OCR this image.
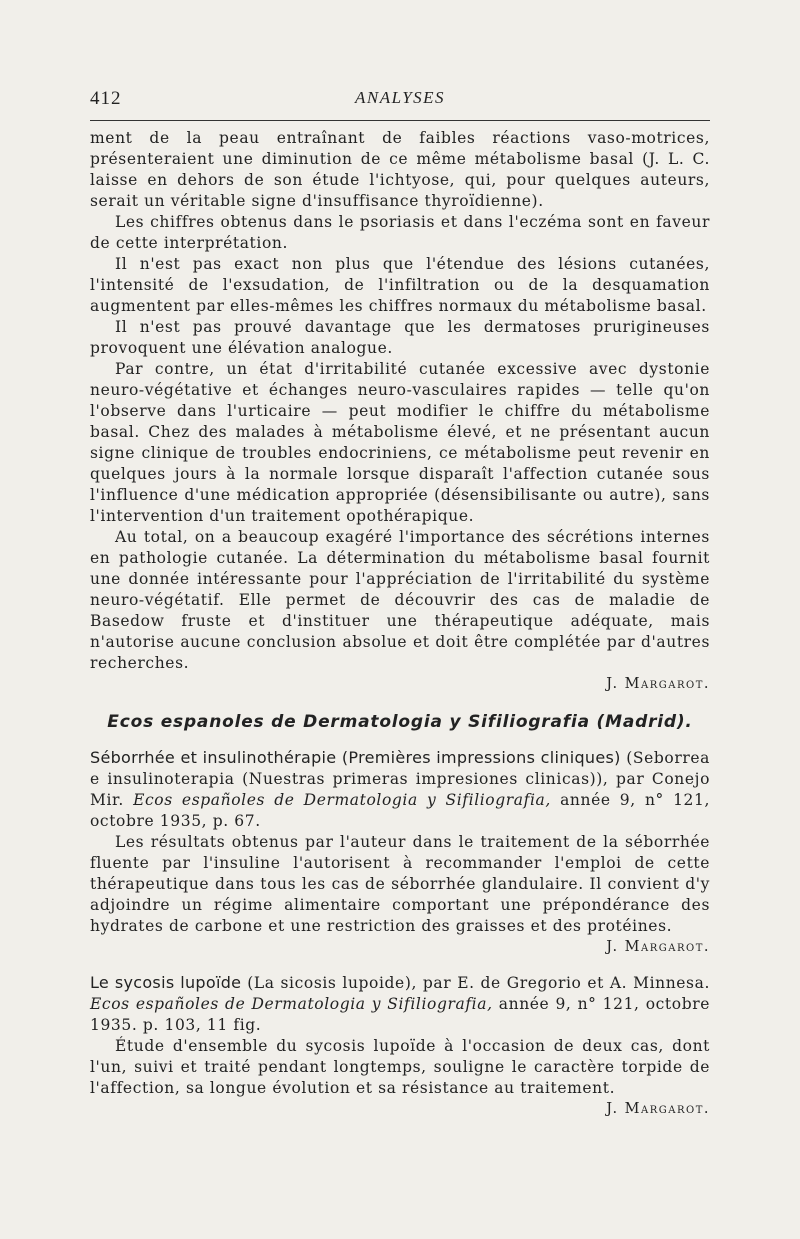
412	ANALYSES

ment de la peau entraînant de faibles réactions vaso-motrices, présenteraient une diminution de ce même métabolisme basal (J. L. C. laisse en dehors de son étude l'ichtyose, qui, pour quelques auteurs, serait un véritable signe d'insuffisance thyroïdienne).

Les chiffres obtenus dans le psoriasis et dans l'eczéma sont en faveur de cette interprétation.

Il n'est pas exact non plus que l'étendue des lésions cutanées, l'intensité de l'exsudation, de l'infiltration ou de la desquamation augmentent par elles-mêmes les chiffres normaux du métabolisme basal.

Il n'est pas prouvé davantage que les dermatoses prurigineuses provoquent une élévation analogue.

Par contre, un état d'irritabilité cutanée excessive avec dystonie neuro-végétative et échanges neuro-vasculaires rapides — telle qu'on l'observe dans l'urticaire — peut modifier le chiffre du métabolisme basal. Chez des malades à métabolisme élevé, et ne présentant aucun signe clinique de troubles endocriniens, ce métabolisme peut revenir en quelques jours à la normale lorsque disparaît l'affection cutanée sous l'influence d'une médication appropriée (désensibilisante ou autre), sans l'intervention d'un traitement opothérapique.

Au total, on a beaucoup exagéré l'importance des sécrétions internes en pathologie cutanée. La détermination du métabolisme basal fournit une donnée intéressante pour l'appréciation de l'irritabilité du système neuro-végétatif. Elle permet de découvrir des cas de maladie de Basedow fruste et d'instituer une thérapeutique adéquate, mais n'autorise aucune conclusion absolue et doit être complétée par d'autres recherches.

J. Margarot.

Ecos espanoles de Dermatologia y Sifiliografia (Madrid).

Séborrhée et insulinothérapie (Premières impressions cliniques) (Seborrea e insulinoterapia (Nuestras primeras impresiones clinicas)), par Conejo Mir. Ecos españoles de Dermatologia y Sifiliografia, année 9, n° 121, octobre 1935, p. 67.

Les résultats obtenus par l'auteur dans le traitement de la séborrhée fluente par l'insuline l'autorisent à recommander l'emploi de cette thérapeutique dans tous les cas de séborrhée glandulaire. Il convient d'y adjoindre un régime alimentaire comportant une prépondérance des hydrates de carbone et une restriction des graisses et des protéines.

J. Margarot.

Le sycosis lupoïde (La sicosis lupoide), par E. de Gregorio et A. Minnesa. Ecos españoles de Dermatologia y Sifiliografia, année 9, n° 121, octobre 1935. p. 103, 11 fig.

Étude d'ensemble du sycosis lupoïde à l'occasion de deux cas, dont l'un, suivi et traité pendant longtemps, souligne le caractère torpide de l'affection, sa longue évolution et sa résistance au traitement.

J. Margarot.
